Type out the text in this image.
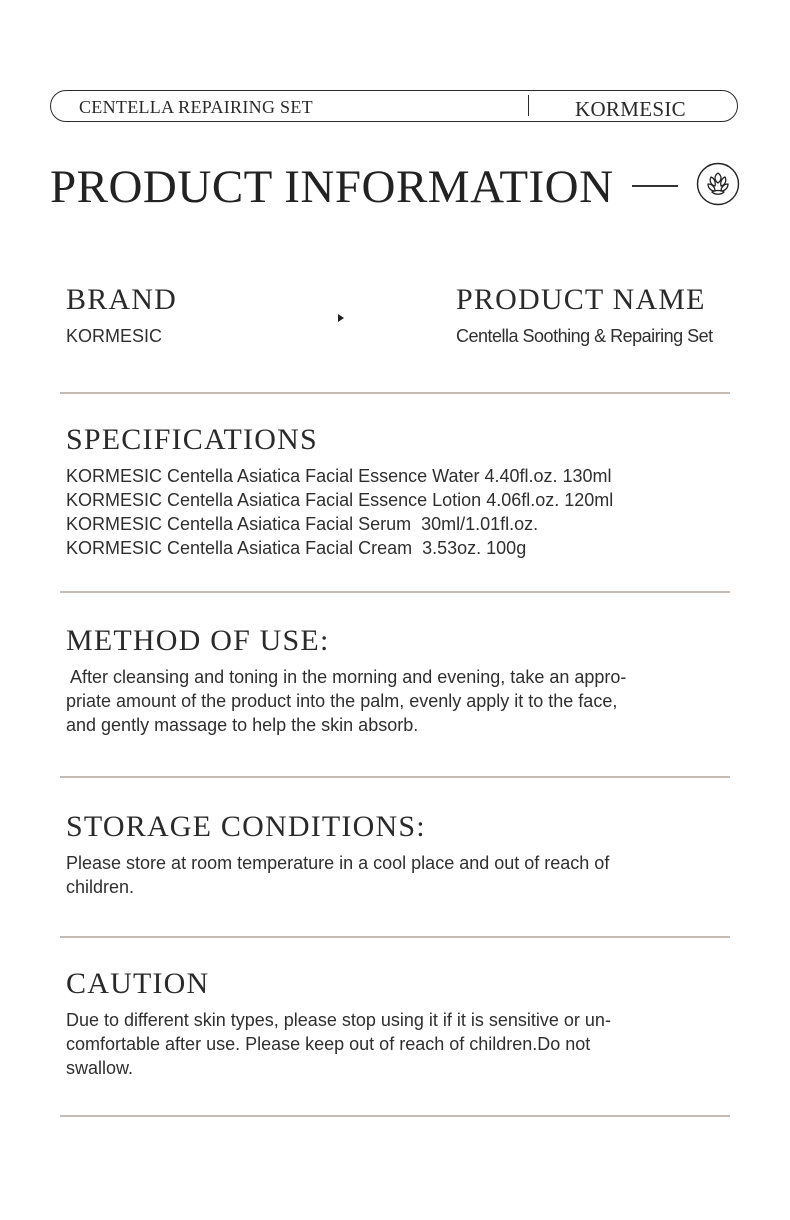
CENTELLA REPAIRING SET	KORMESIC
PRODUCT INFORMATION
BRAND
KORMESIC
PRODUCT NAME
Centella Soothing & Repairing Set
SPECIFICATIONS
KORMESIC Centella Asiatica Facial Essence Water 4.40fl.oz. 130ml
KORMESIC Centella Asiatica Facial Essence Lotion 4.06fl.oz. 120ml
KORMESIC Centella Asiatica Facial Serum  30ml/1.01fl.oz.
KORMESIC Centella Asiatica Facial Cream  3.53oz. 100g
METHOD OF USE:
After cleansing and toning in the morning and evening, take an appro-
priate amount of the product into the palm, evenly apply it to the face,
and gently massage to help the skin absorb.
STORAGE CONDITIONS:
Please store at room temperature in a cool place and out of reach of
children.
CAUTION
Due to different skin types, please stop using it if it is sensitive or un-
comfortable after use. Please keep out of reach of children.Do not
swallow.
